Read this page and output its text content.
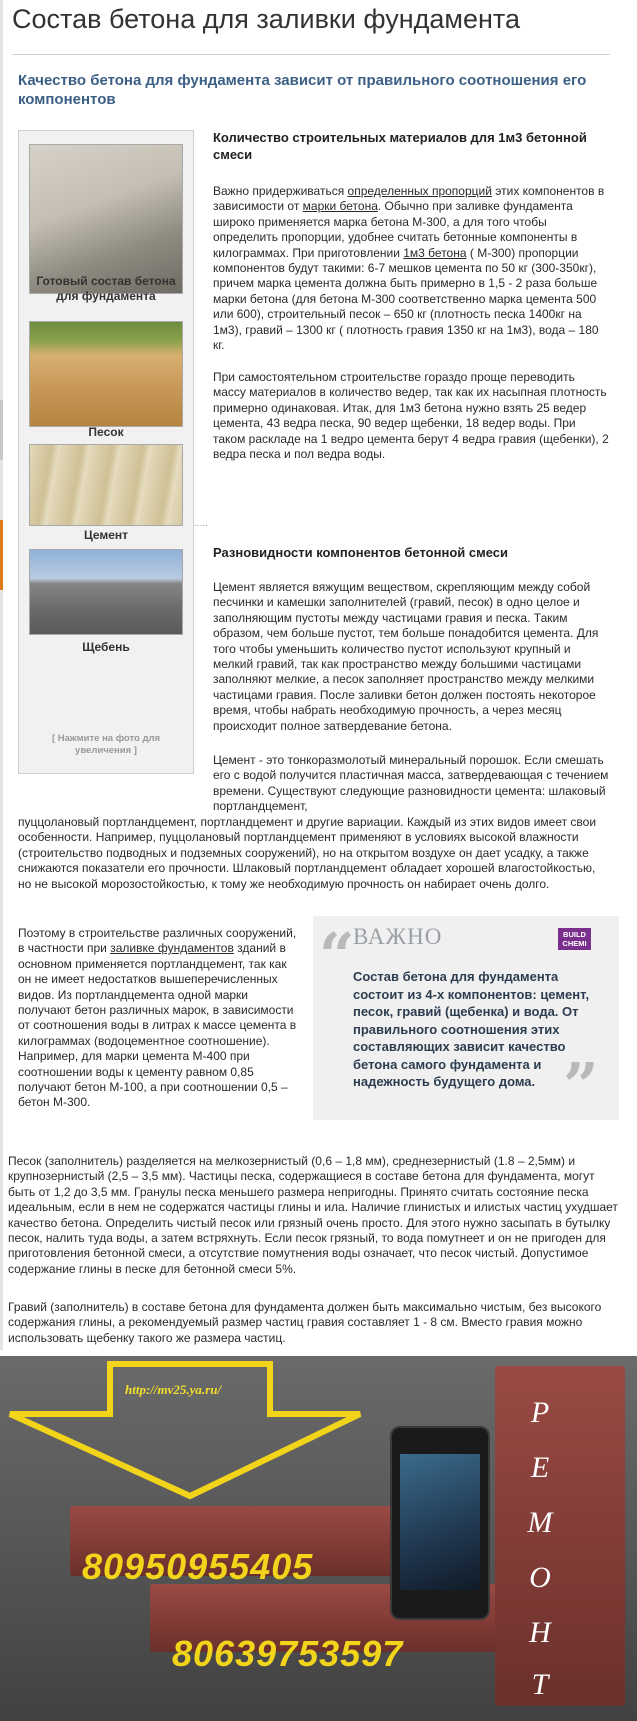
Состав бетона для заливки фундамента
Качество бетона для фундамента зависит от правильного соотношения его компонентов
Готовый состав бетона для фундамента
Песок
Цемент
Щебень
[ Нажмите на фото для увеличения ]
Количество строительных материалов для 1м3 бетонной смеси

Важно придерживаться определенных пропорций этих компонентов в зависимости от марки бетона. Обычно при заливке фундамента широко применяется марка бетона М-300, а для того чтобы определить пропорции, удобнее считать бетонные компоненты в килограммах. При приготовлении 1м3 бетона ( М-300) пропорции компонентов будут такими: 6-7 мешков цемента по 50 кг (300-350кг), причем марка цемента должна быть примерно в 1,5 - 2 раза больше марки бетона (для бетона М-300 соответственно марка цемента 500 или 600), строительный песок – 650 кг (плотность песка 1400кг на 1м3), гравий – 1300 кг ( плотность гравия 1350 кг на 1м3), вода – 180 кг.

При самостоятельном строительстве гораздо проще переводить массу материалов в количество ведер, так как их насыпная плотность примерно одинаковая. Итак, для 1м3 бетона нужно взять 25 ведер цемента, 43 ведра песка, 90 ведер щебенки, 18 ведер воды. При таком раскладе на 1 ведро цемента берут 4 ведра гравия (щебенки), 2 ведра песка и пол ведра воды.

.....
Разновидности компонентов бетонной смеси

Цемент является вяжущим веществом, скрепляющим между собой песчинки и камешки заполнителей (гравий, песок) в одно целое и заполняющим пустоты между частицами гравия и песка. Таким образом, чем больше пустот, тем больше понадобится цемента. Для того чтобы уменьшить количество пустот используют крупный и мелкий гравий, так как пространство между большими частицами заполняют мелкие, а песок заполняет пространство между мелкими частицами гравия. После заливки бетон должен постоять некоторое время, чтобы набрать необходимую прочность, а через месяц происходит полное затвердевание бетона.

Цемент - это тонкоразмолотый минеральный порошок. Если смешать его с водой получится пластичная масса, затвердевающая с течением времени. Существуют следующие разновидности цемента: шлаковый портландцемент,

пуццолановый портландцемент, портландцемент и другие вариации. Каждый из этих видов имеет свои особенности. Например, пуццолановый портландцемент применяют в условиях высокой влажности (строительство подводных и подземных сооружений), но на открытом воздухе он дает усадку, а также снижаются показатели его прочности. Шлаковый портландцемент обладает хорошей влагостойкостью, но не высокой морозостойкостью, к тому же необходимую прочность он набирает очень долго.

Поэтому в строительстве различных сооружений, в частности при заливке фундаментов зданий в основном применяется портландцемент, так как он не имеет недостатков вышеперечисленных видов. Из портландцемента одной марки получают бетон различных марок, в зависимости от соотношения воды в литрах к массе цемента в килограммах (водоцементное соотношение). Например, для марки цемента М-400 при соотношении воды к цементу равном 0,85 получают бетон М-100, а при соотношении 0,5 – бетон М-300.

“
ВАЖНО	BUILD CHEMI

Состав бетона для фундамента состоит из 4-х компонентов: цемент, песок, гравий (щебенка) и вода. От правильного соотношения этих составляющих зависит качество бетона самого фундамента и надежность будущего дома. ”

Песок (заполнитель) разделяется на мелкозернистый (0,6 – 1,8 мм), среднезернистый (1.8 – 2,5мм) и крупнозернистый (2,5 – 3,5 мм). Частицы песка, содержащиеся в составе бетона для фундамента, могут быть от 1,2 до 3,5 мм. Гранулы песка меньшего размера непригодны. Принято считать состояние песка идеальным, если в нем не содержатся частицы глины и ила. Наличие глинистых и илистых частиц ухудшает качество бетона. Определить чистый песок или грязный очень просто. Для этого нужно засыпать в бутылку песок, налить туда воды, а затем встряхнуть. Если песок грязный, то вода помутнеет и он не пригоден для приготовления бетонной смеси, а отсутствие помутнения воды означает, что песок чистый. Допустимое содержание глины в песке для бетонной смеси 5%.

Гравий (заполнитель) в составе бетона для фундамента должен быть максимально чистым, без высокого содержания глины, а рекомендуемый размер частиц гравия составляет 1 - 8 см. Вместо гравия можно использовать щебенку такого же размера частиц.

http://mv25.ya.ru/
80950955405
80639753597
Р
Е
М
О
Н
Т
